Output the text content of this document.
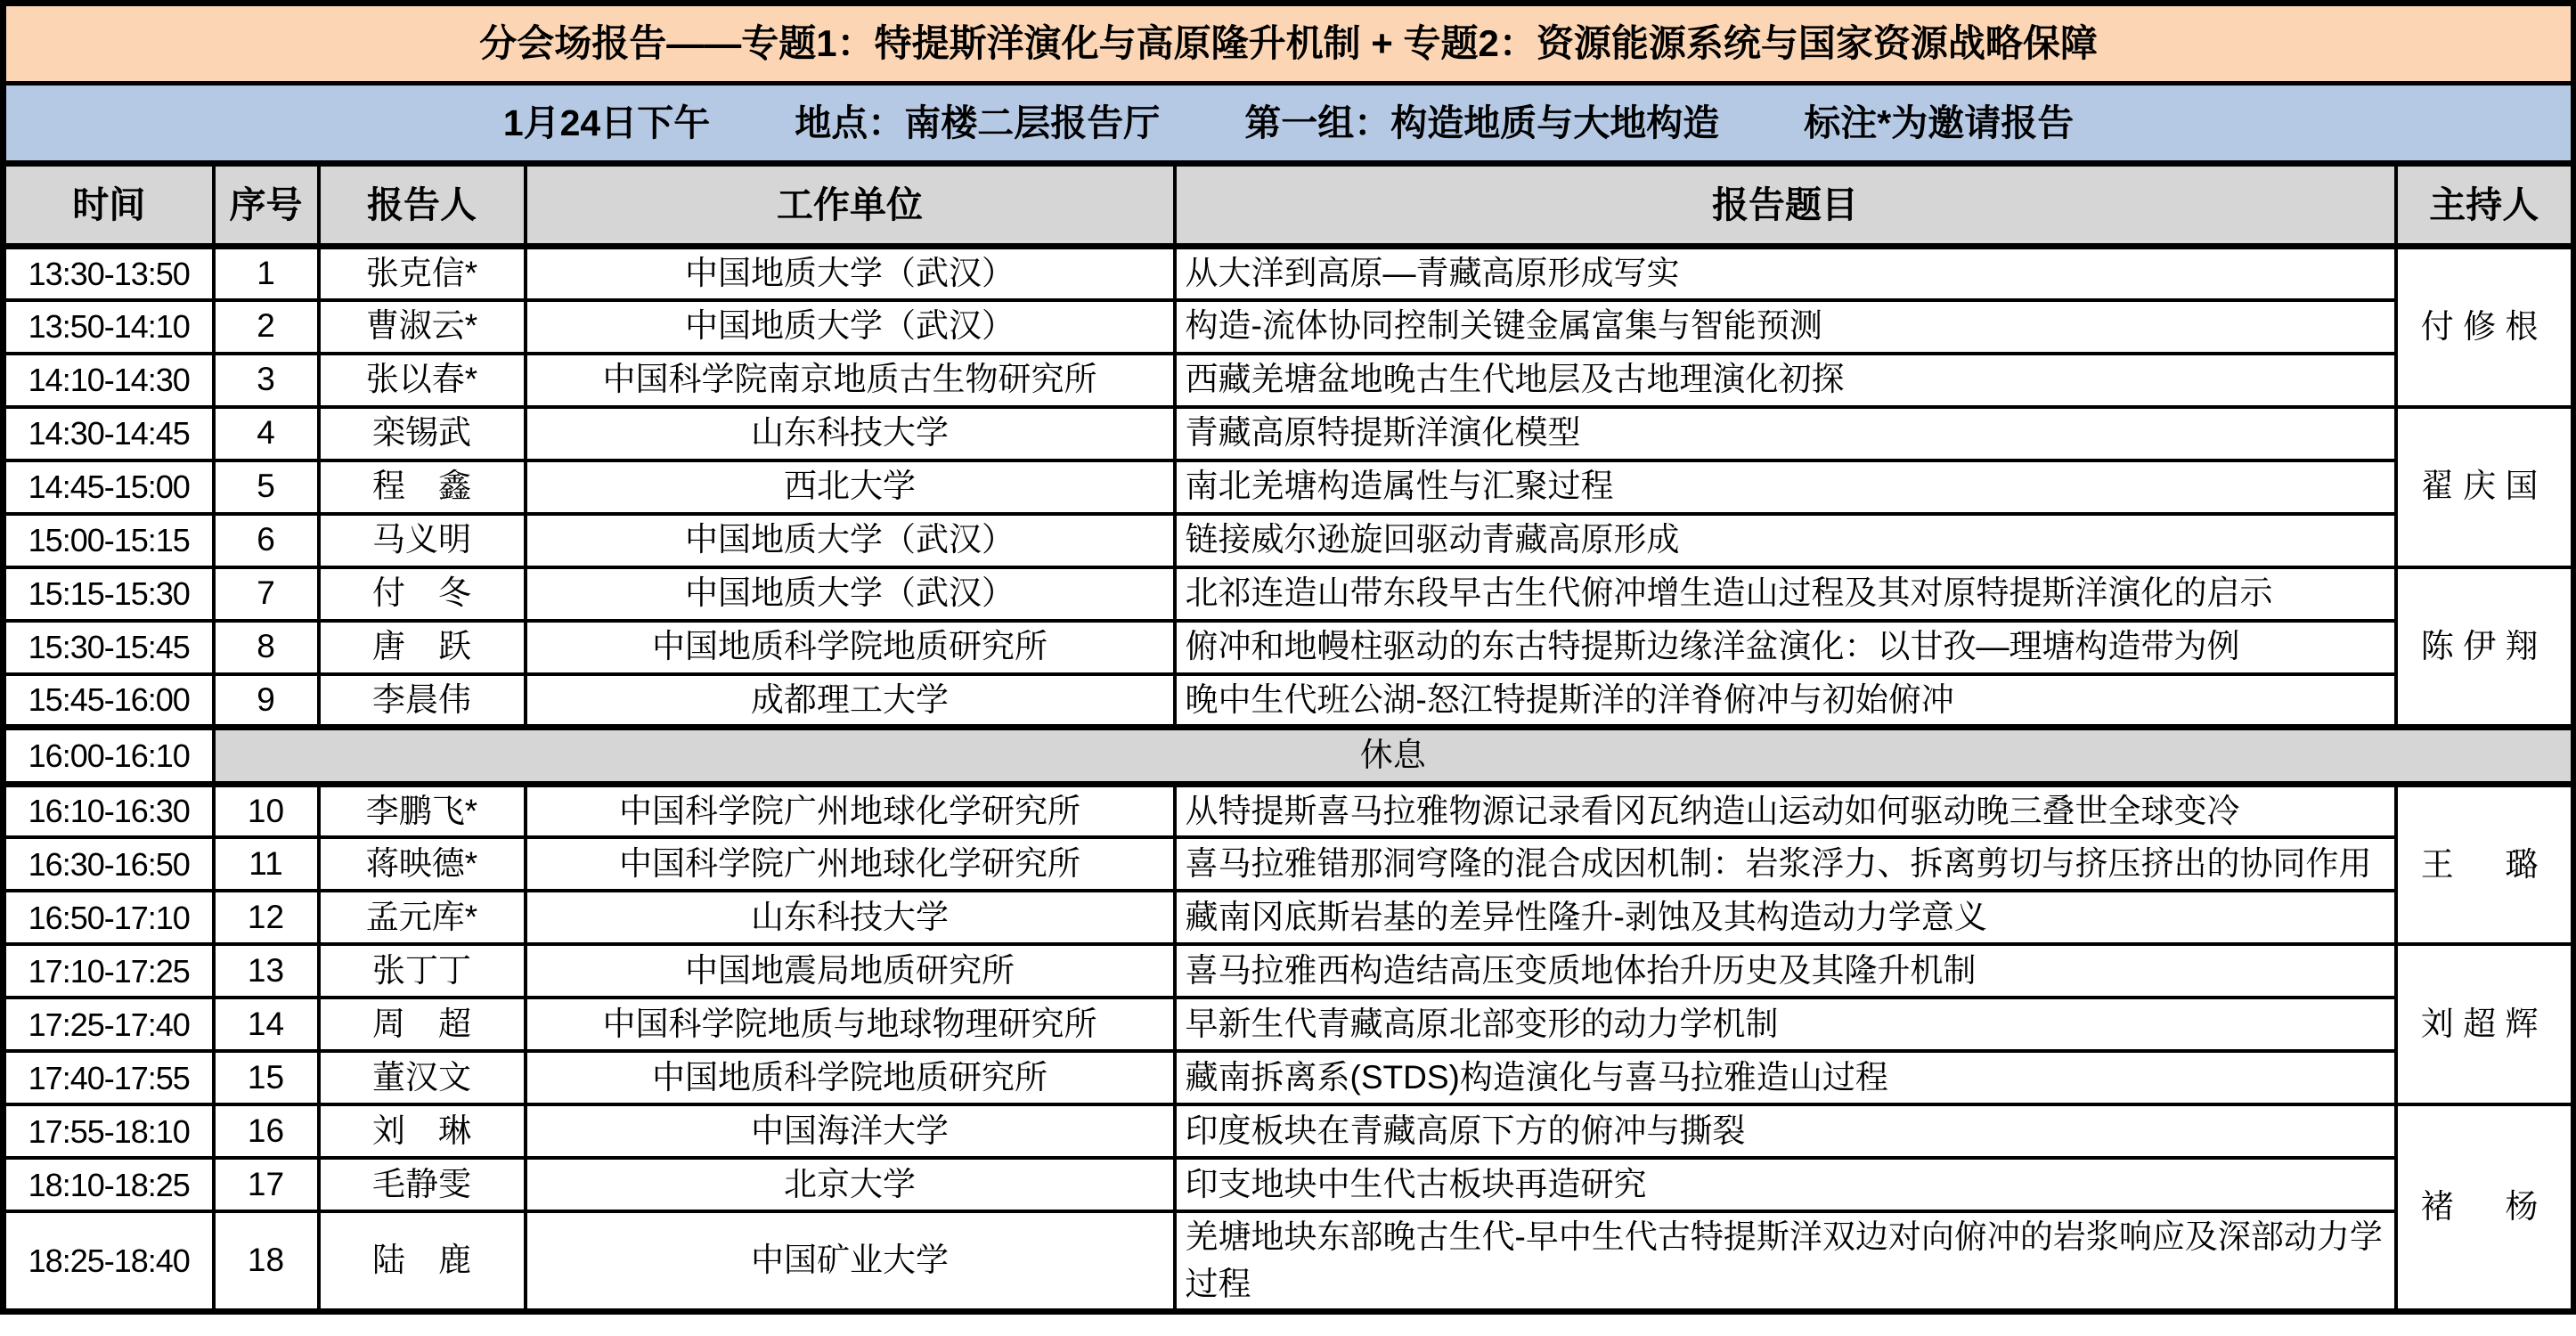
分会场报告——专题1：特提斯洋演化与高原隆升机制 + 专题2：资源能源系统与国家资源战略保障					

1月24日下午 地点：南楼二层报告厅 第一组：构造地质与大地构造 标注*为邀请报告					

时间	序号	报告人	工作单位	报告题目	主持人
13:30-13:50	1	张克信*	中国地质大学（武汉）	从大洋到高原—青藏高原形成写实	付修根
13:50-14:10	2	曹淑云*	中国地质大学（武汉）	构造-流体协同控制关键金属富集与智能预测	
14:10-14:30	3	张以春*	中国科学院南京地质古生物研究所	西藏羌塘盆地晚古生代地层及古地理演化初探	
14:30-14:45	4	栾锡武	山东科技大学	青藏高原特提斯洋演化模型	翟庆国
14:45-15:00	5	程　鑫	西北大学	南北羌塘构造属性与汇聚过程	
15:00-15:15	6	马义明	中国地质大学（武汉）	链接威尔逊旋回驱动青藏高原形成	
15:15-15:30	7	付　冬	中国地质大学（武汉）	北祁连造山带东段早古生代俯冲增生造山过程及其对原特提斯洋演化的启示	陈伊翔
15:30-15:45	8	唐　跃	中国地质科学院地质研究所	俯冲和地幔柱驱动的东古特提斯边缘洋盆演化：以甘孜—理塘构造带为例	
15:45-16:00	9	李晨伟	成都理工大学	晚中生代班公湖-怒江特提斯洋的洋脊俯冲与初始俯冲	
16:00-16:10	休息				
16:10-16:30	10	李鹏飞*	中国科学院广州地球化学研究所	从特提斯喜马拉雅物源记录看冈瓦纳造山运动如何驱动晚三叠世全球变冷	王　璐
16:30-16:50	11	蒋映德*	中国科学院广州地球化学研究所	喜马拉雅错那洞穹隆的混合成因机制：岩浆浮力、拆离剪切与挤压挤出的协同作用	
16:50-17:10	12	孟元库*	山东科技大学	藏南冈底斯岩基的差异性隆升-剥蚀及其构造动力学意义	
17:10-17:25	13	张丁丁	中国地震局地质研究所	喜马拉雅西构造结高压变质地体抬升历史及其隆升机制	刘超辉
17:25-17:40	14	周　超	中国科学院地质与地球物理研究所	早新生代青藏高原北部变形的动力学机制	
17:40-17:55	15	董汉文	中国地质科学院地质研究所	藏南拆离系(STDS)构造演化与喜马拉雅造山过程	
17:55-18:10	16	刘　琳	中国海洋大学	印度板块在青藏高原下方的俯冲与撕裂	褚　杨
18:10-18:25	17	毛静雯	北京大学	印支地块中生代古板块再造研究	
18:25-18:40	18	陆　鹿	中国矿业大学	羌塘地块东部晚古生代-早中生代古特提斯洋双边对向俯冲的岩浆响应及深部动力学过程	
